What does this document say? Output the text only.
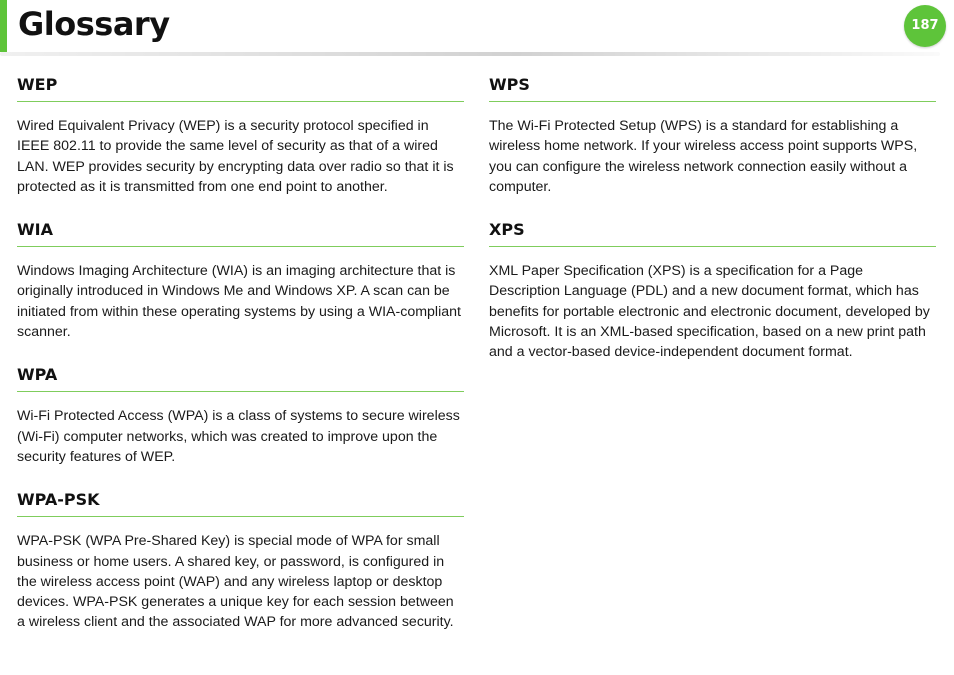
Glossary	187
WEP

Wired Equivalent Privacy (WEP) is a security protocol specified in IEEE 802.11 to provide the same level of security as that of a wired LAN. WEP provides security by encrypting data over radio so that it is protected as it is transmitted from one end point to another.

WIA

Windows Imaging Architecture (WIA) is an imaging architecture that is originally introduced in Windows Me and Windows XP. A scan can be initiated from within these operating systems by using a WIA-compliant scanner.

WPA

Wi-Fi Protected Access (WPA) is a class of systems to secure wireless (Wi-Fi) computer networks, which was created to improve upon the security features of WEP.

WPA-PSK

WPA-PSK (WPA Pre-Shared Key) is special mode of WPA for small business or home users. A shared key, or password, is configured in the wireless access point (WAP) and any wireless laptop or desktop devices. WPA-PSK generates a unique key for each session between a wireless client and the associated WAP for more advanced security.

WPS

The Wi-Fi Protected Setup (WPS) is a standard for establishing a wireless home network. If your wireless access point supports WPS, you can configure the wireless network connection easily without a computer.

XPS

XML Paper Specification (XPS) is a specification for a Page Description Language (PDL) and a new document format, which has benefits for portable electronic and electronic document, developed by Microsoft. It is an XML-based specification, based on a new print path and a vector-based device-independent document format.
